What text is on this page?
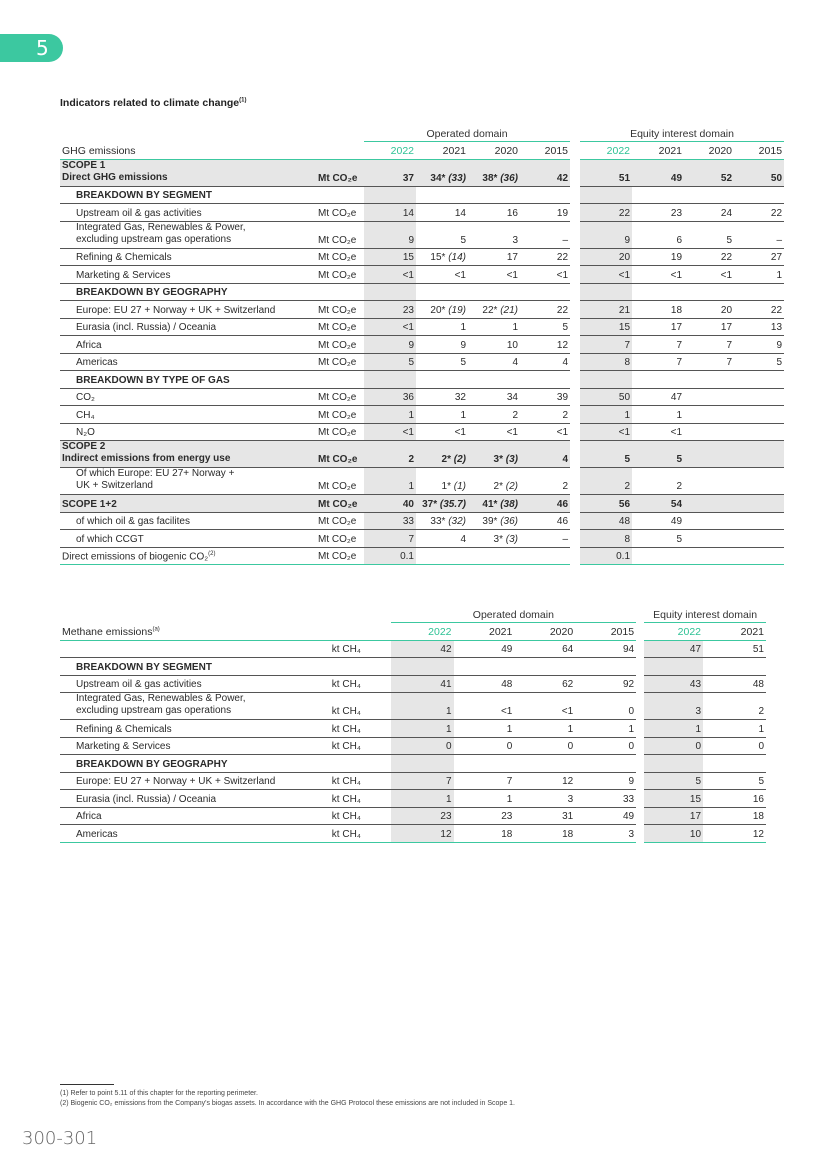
5
Indicators related to climate change$^{(1)}$
		Operated domain					Equity interest domain			
GHG emissions		2022	2021	2020	2015		2022	2021	2020	2015
SCOPE 1
Direct GHG emissions	Mt CO₂e	37	34* (33)	38* (36)	42		51	49	52	50
BREAKDOWN BY SEGMENT										
Upstream oil & gas activities	Mt CO₂e	14	14	16	19		22	23	24	22
Integrated Gas, Renewables & Power,
excluding upstream gas operations	Mt CO₂e	9	5	3	–		9	6	5	–
Refining & Chemicals	Mt CO₂e	15	15* (14)	17	22		20	19	22	27
Marketing & Services	Mt CO₂e	<1	<1	<1	<1		<1	<1	<1	1
BREAKDOWN BY GEOGRAPHY										
Europe: EU 27 + Norway + UK + Switzerland	Mt CO₂e	23	20* (19)	22* (21)	22		21	18	20	22
Eurasia (incl. Russia) / Oceania	Mt CO₂e	<1	1	1	5		15	17	17	13
Africa	Mt CO₂e	9	9	10	12		7	7	7	9
Americas	Mt CO₂e	5	5	4	4		8	7	7	5
BREAKDOWN BY TYPE OF GAS										
CO₂	Mt CO₂e	36	32	34	39		50	47		
CH₄	Mt CO₂e	1	1	2	2		1	1		
N₂O	Mt CO₂e	<1	<1	<1	<1		<1	<1		
SCOPE 2
Indirect emissions from energy use	Mt CO₂e	2	2* (2)	3* (3)	4		5	5		
Of which Europe: EU 27+ Norway +
UK + Switzerland	Mt CO₂e	1	1* (1)	2* (2)	2		2	2		
SCOPE 1+2	Mt CO₂e	40	37* (35.7)	41* (38)	46		56	54		
of which oil & gas facilites	Mt CO₂e	33	33* (32)	39* (36)	46		48	49		
of which CCGT	Mt CO₂e	7	4	3* (3)	–		8	5		
Direct emissions of biogenic CO₂$^{(2)}$	Mt CO₂e	0.1					0.1			
		Operated domain					Equity interest domain	
Methane emissions$^{(a)}$		2022	2021	2020	2015		2022	2021
	kt CH₄	42	49	64	94		47	51
BREAKDOWN BY SEGMENT								
Upstream oil & gas activities	kt CH₄	41	48	62	92		43	48
Integrated Gas, Renewables & Power,
excluding upstream gas operations	kt CH₄	1	<1	<1	0		3	2
Refining & Chemicals	kt CH₄	1	1	1	1		1	1
Marketing & Services	kt CH₄	0	0	0	0		0	0
BREAKDOWN BY GEOGRAPHY								
Europe: EU 27 + Norway + UK + Switzerland	kt CH₄	7	7	12	9		5	5
Eurasia (incl. Russia) / Oceania	kt CH₄	1	1	3	33		15	16
Africa	kt CH₄	23	23	31	49		17	18
Americas	kt CH₄	12	18	18	3		10	12
(1) Refer to point 5.11 of this chapter for the reporting perimeter.
(2) Biogenic CO₂ emissions from the Company's biogas assets. In accordance with the GHG Protocol these emissions are not included in Scope 1.
300-301
